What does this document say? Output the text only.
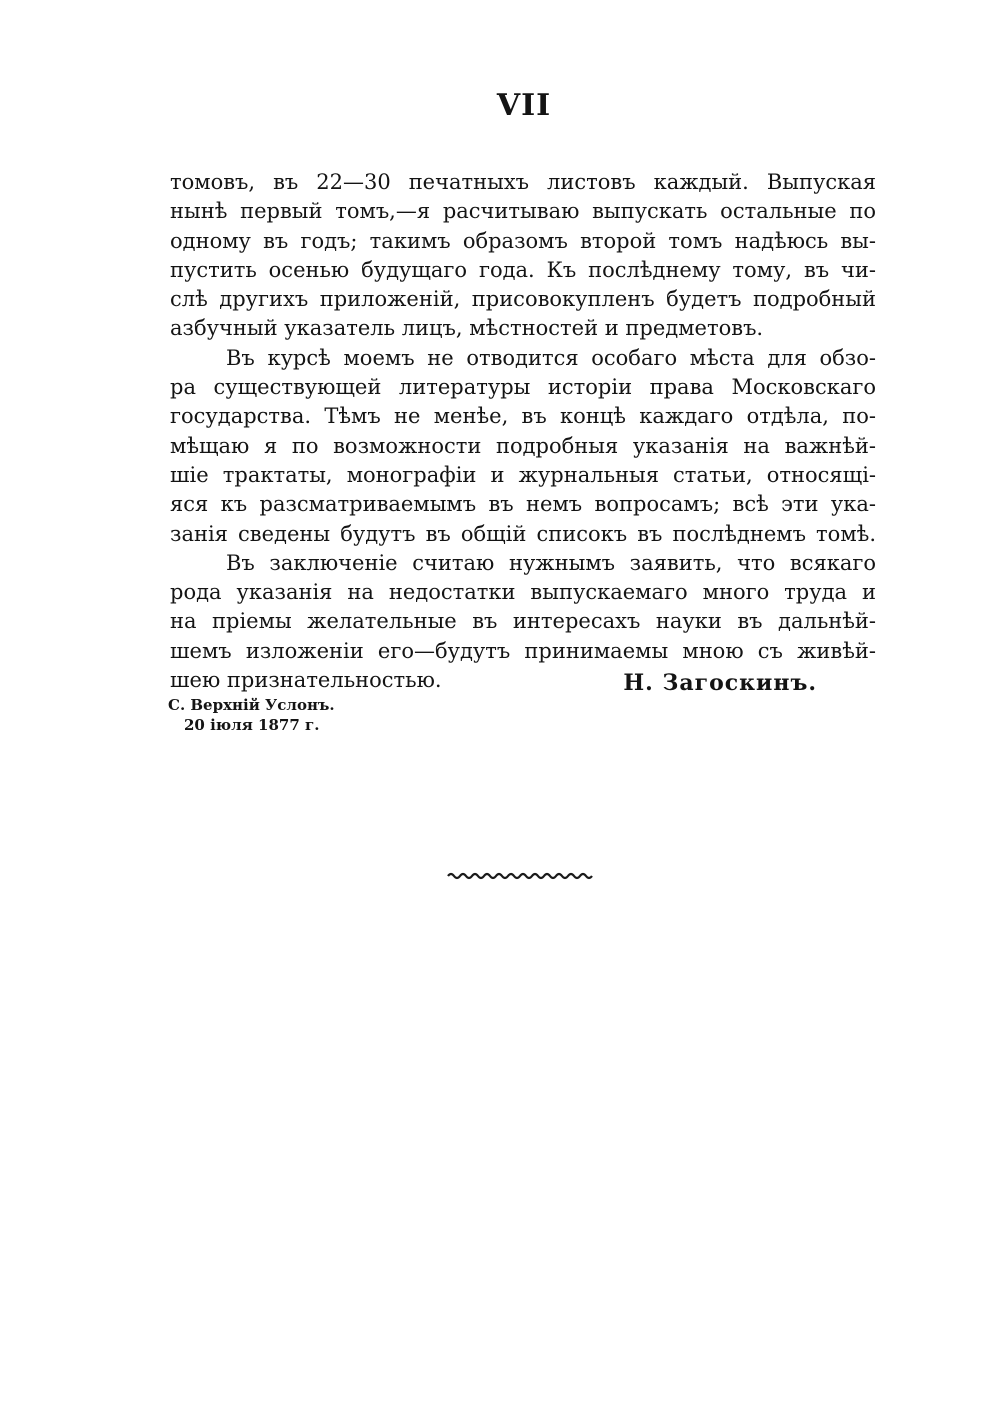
VII
томовъ, въ 22—30 печатныхъ листовъ каждый. Выпуская
нынѣ первый томъ,—я расчитываю выпускать остальные по
одному въ годъ; такимъ образомъ второй томъ надѣюсь вы-
пустить осенью будущаго года. Къ послѣднему тому, въ чи-
слѣ другихъ приложеній, присовокупленъ будетъ подробный
азбучный указатель лицъ, мѣстностей и предметовъ.
Въ курсѣ моемъ не отводится особаго мѣста для обзо-
ра существующей литературы исторіи права Московскаго
государства. Тѣмъ не менѣе, въ концѣ каждаго отдѣла, по-
мѣщаю я по возможности подробныя указанія на важнѣй-
шіе трактаты, монографіи и журнальныя статьи, относящі-
яся къ разсматриваемымъ въ немъ вопросамъ; всѣ эти ука-
занія сведены будутъ въ общій списокъ въ послѣднемъ томѣ.
Въ заключеніе считаю нужнымъ заявить, что всякаго
рода указанія на недостатки выпускаемаго много труда и
на пріемы желательные въ интересахъ науки въ дальнѣй-
шемъ изложеніи его—будутъ принимаемы мною съ живѣй-
шею признательностью.	Н. Загоскинъ.
С. Верхній Услонъ.
20 іюля 1877 г.
